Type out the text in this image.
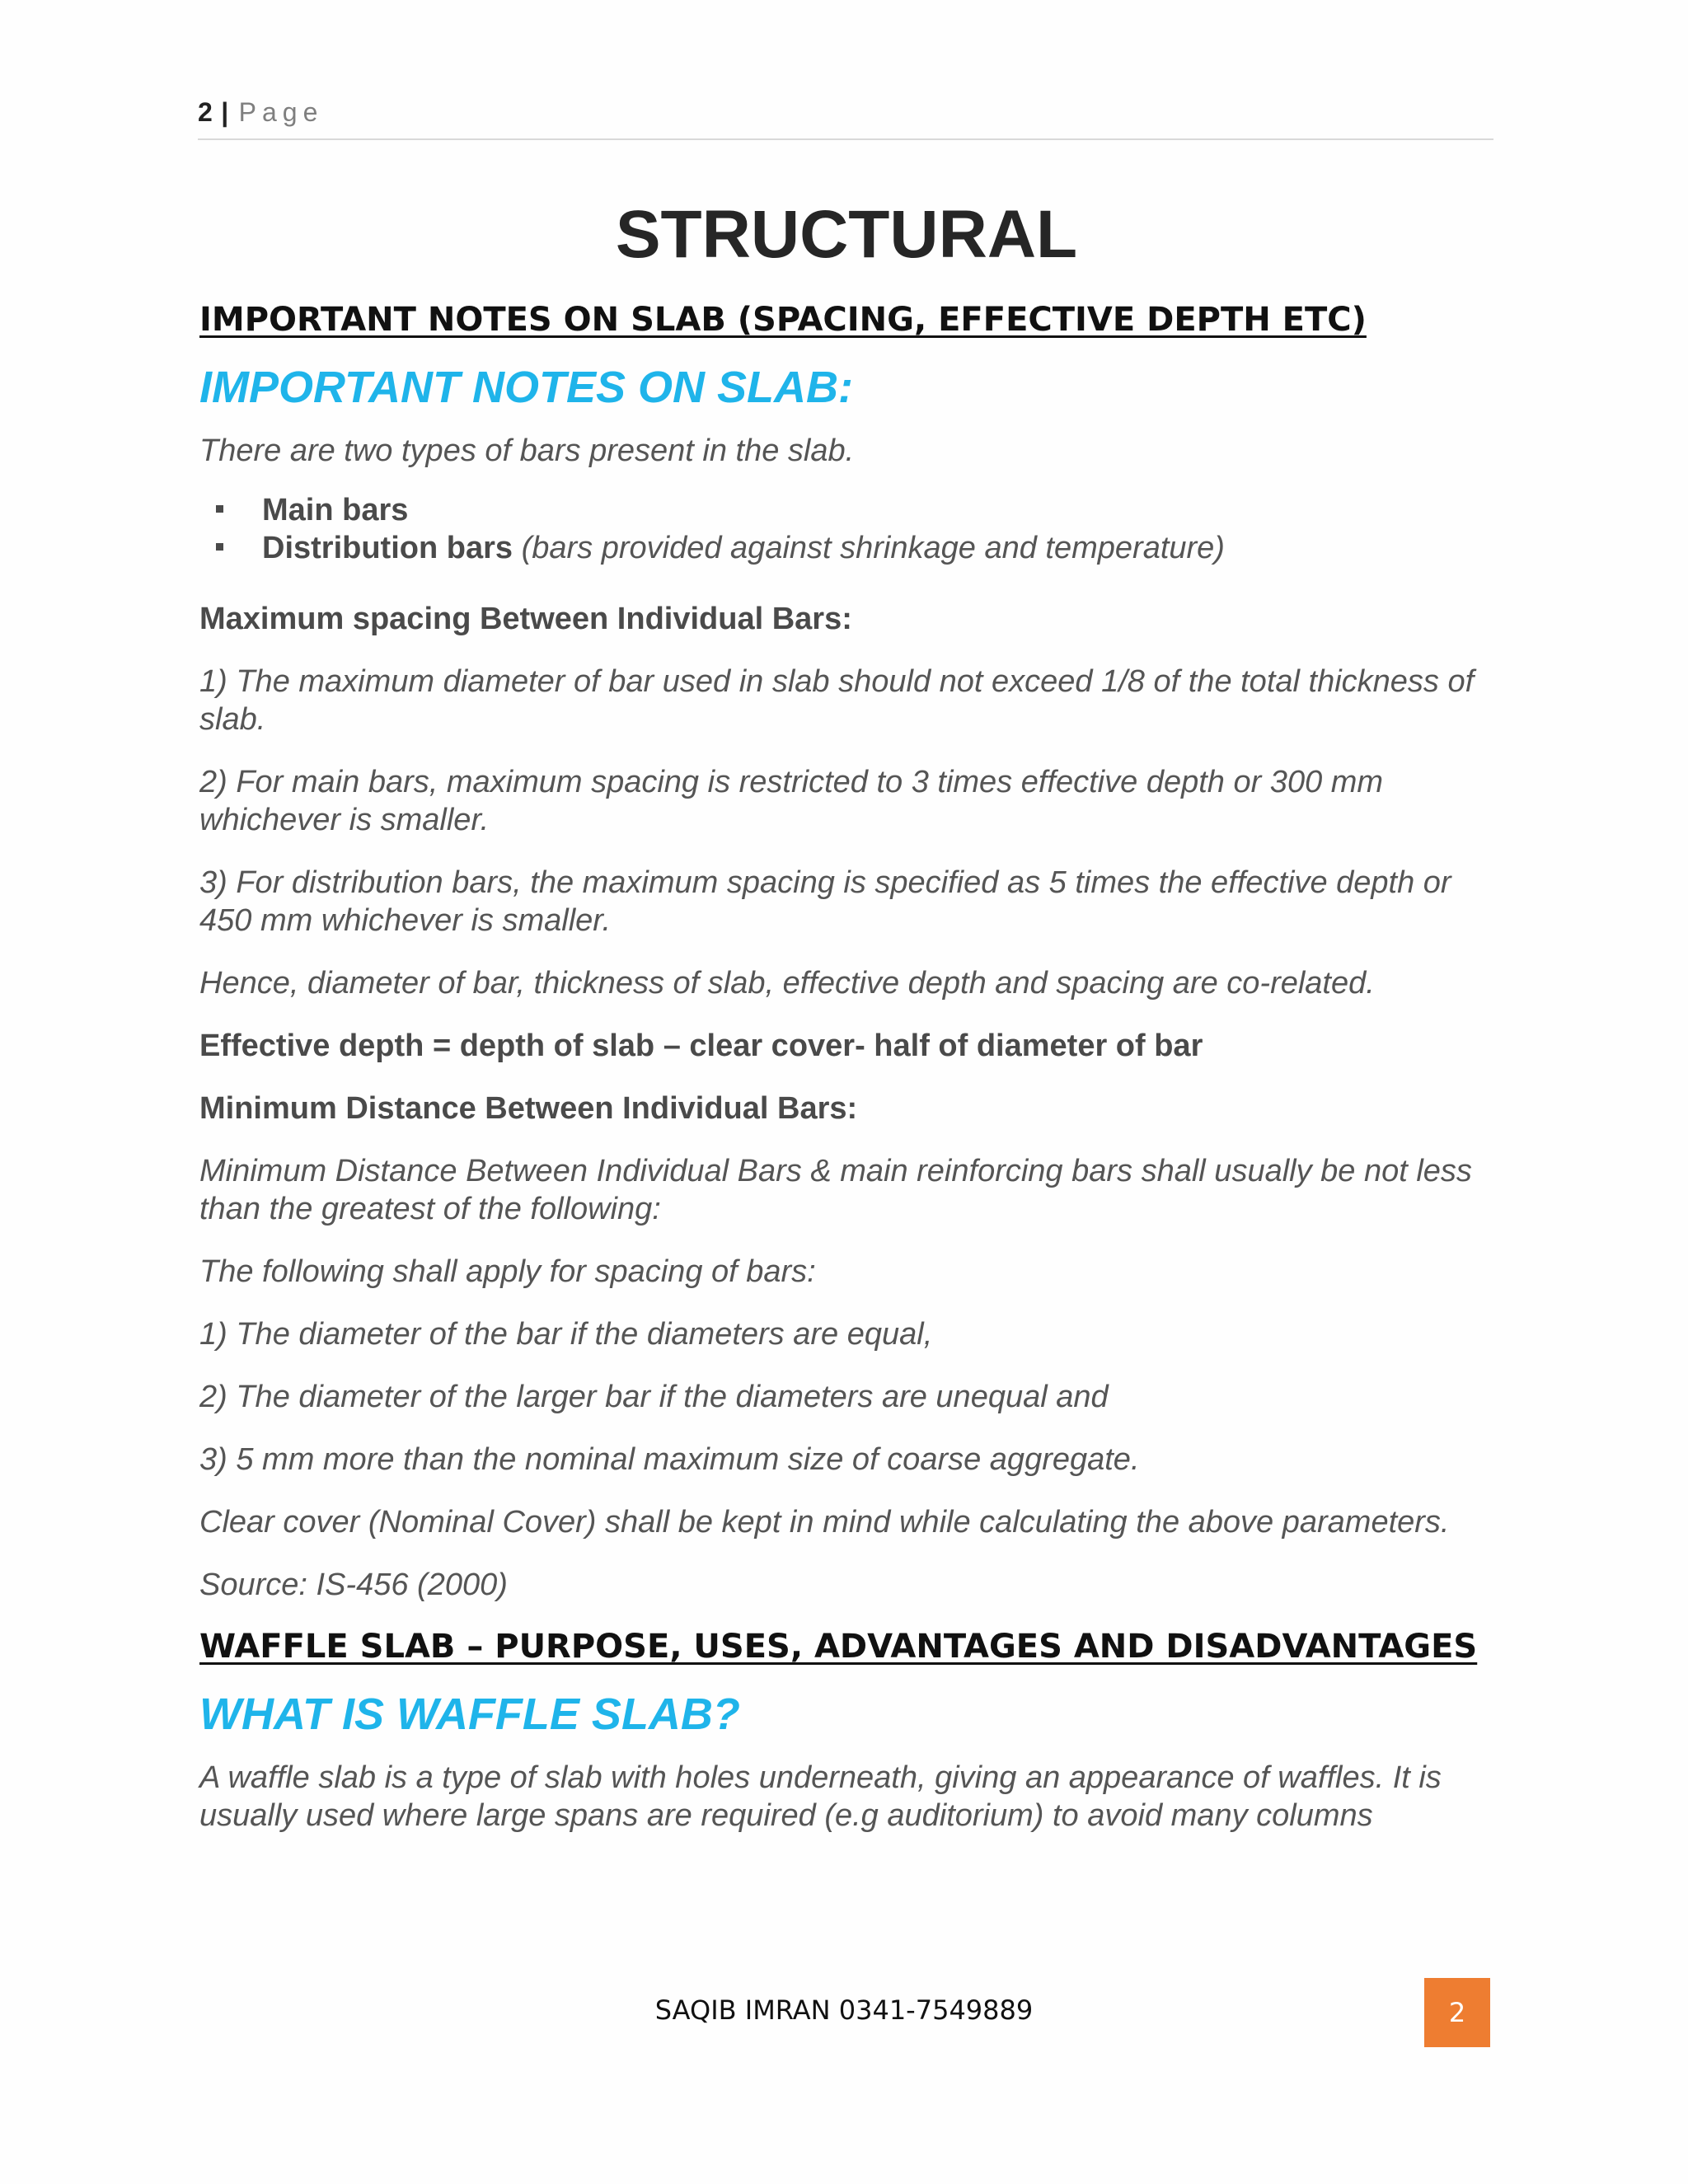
2 | Page
STRUCTURAL
IMPORTANT NOTES ON SLAB (SPACING, EFFECTIVE DEPTH ETC)
IMPORTANT NOTES ON SLAB:

There are two types of bars present in the slab.

Main bars
Distribution bars (bars provided against shrinkage and temperature)

Maximum spacing Between Individual Bars:

1) The maximum diameter of bar used in slab should not exceed 1/8 of the total thickness of slab.

2) For main bars, maximum spacing is restricted to 3 times effective depth or 300 mm whichever is smaller.

3) For distribution bars, the maximum spacing is specified as 5 times the effective depth or 450 mm whichever is smaller.

Hence, diameter of bar, thickness of slab, effective depth and spacing are co-related.

Effective depth = depth of slab – clear cover- half of diameter of bar

Minimum Distance Between Individual Bars:

Minimum Distance Between Individual Bars & main reinforcing bars shall usually be not less than the greatest of the following:

The following shall apply for spacing of bars:

1) The diameter of the bar if the diameters are equal,

2) The diameter of the larger bar if the diameters are unequal and

3) 5 mm more than the nominal maximum size of coarse aggregate.

Clear cover (Nominal Cover) shall be kept in mind while calculating the above parameters.

Source: IS-456 (2000)

WAFFLE SLAB – PURPOSE, USES, ADVANTAGES AND DISADVANTAGES
WHAT IS WAFFLE SLAB?

A waffle slab is a type of slab with holes underneath, giving an appearance of waffles. It is usually used where large spans are required (e.g auditorium) to avoid many columns

SAQIB IMRAN 0341-7549889	2
